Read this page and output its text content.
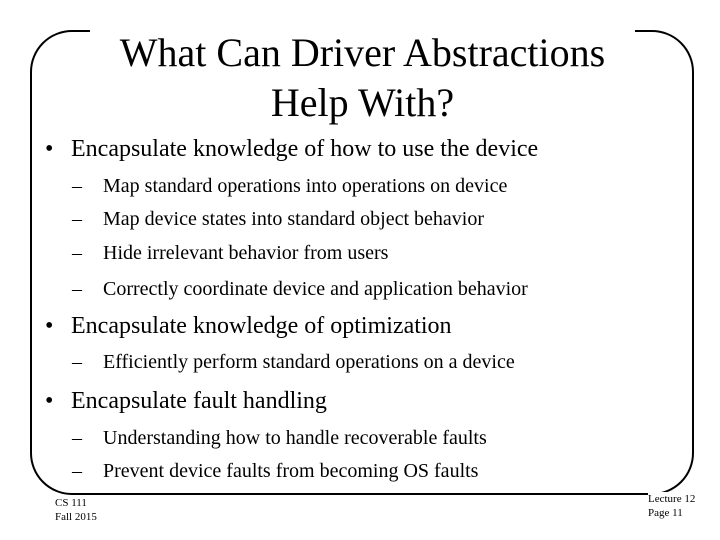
What Can Driver Abstractions
Help With?
• Encapsulate knowledge of how to use the device
– Map standard operations into operations on device
– Map device states into standard object behavior
– Hide irrelevant behavior from users
– Correctly coordinate device and application behavior
• Encapsulate knowledge of optimization
– Efficiently perform standard operations on a device
• Encapsulate fault handling
– Understanding how to handle recoverable faults
– Prevent device faults from becoming OS faults
CS 111
Fall 2015
Lecture 12
Page 11
